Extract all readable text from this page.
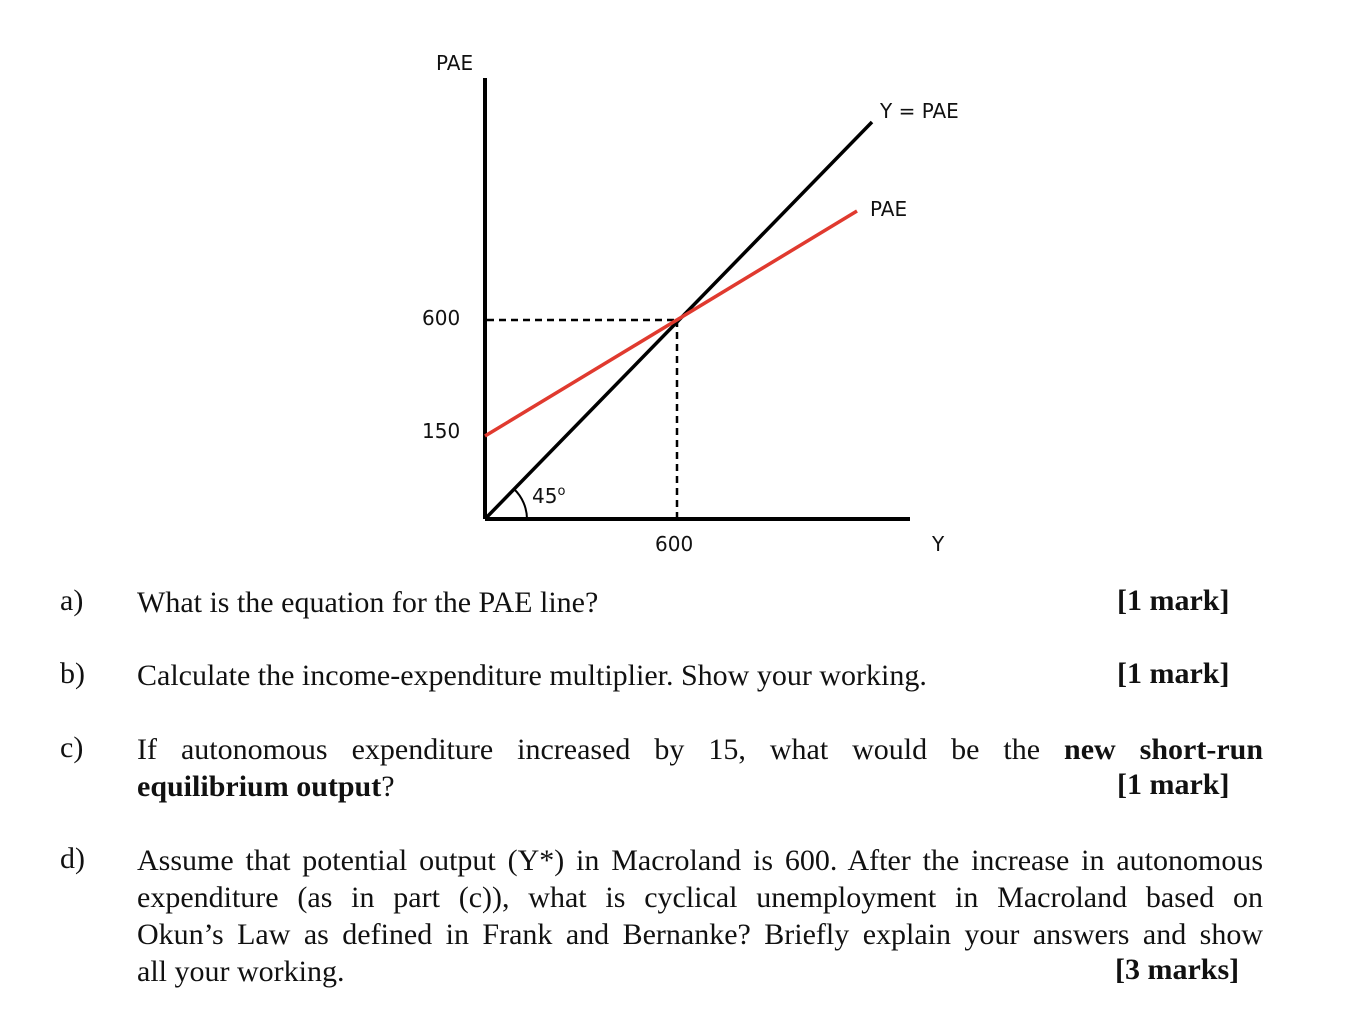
PAE
Y
600
150
600
Y = PAE
PAE
45$^o$
a) What is the equation for the PAE line?	[1 mark]
b) Calculate the income-expenditure multiplier. Show your working.	[1 mark]
c) If autonomous expenditure increased by 15, what would be the new short-run
equilibrium output?	[1 mark]
d) Assume that potential output (Y*) in Macroland is 600. After the increase in autonomous
expenditure (as in part (c)), what is cyclical unemployment in Macroland based on
Okun’s Law as defined in Frank and Bernanke? Briefly explain your answers and show
all your working.	[3 marks]
